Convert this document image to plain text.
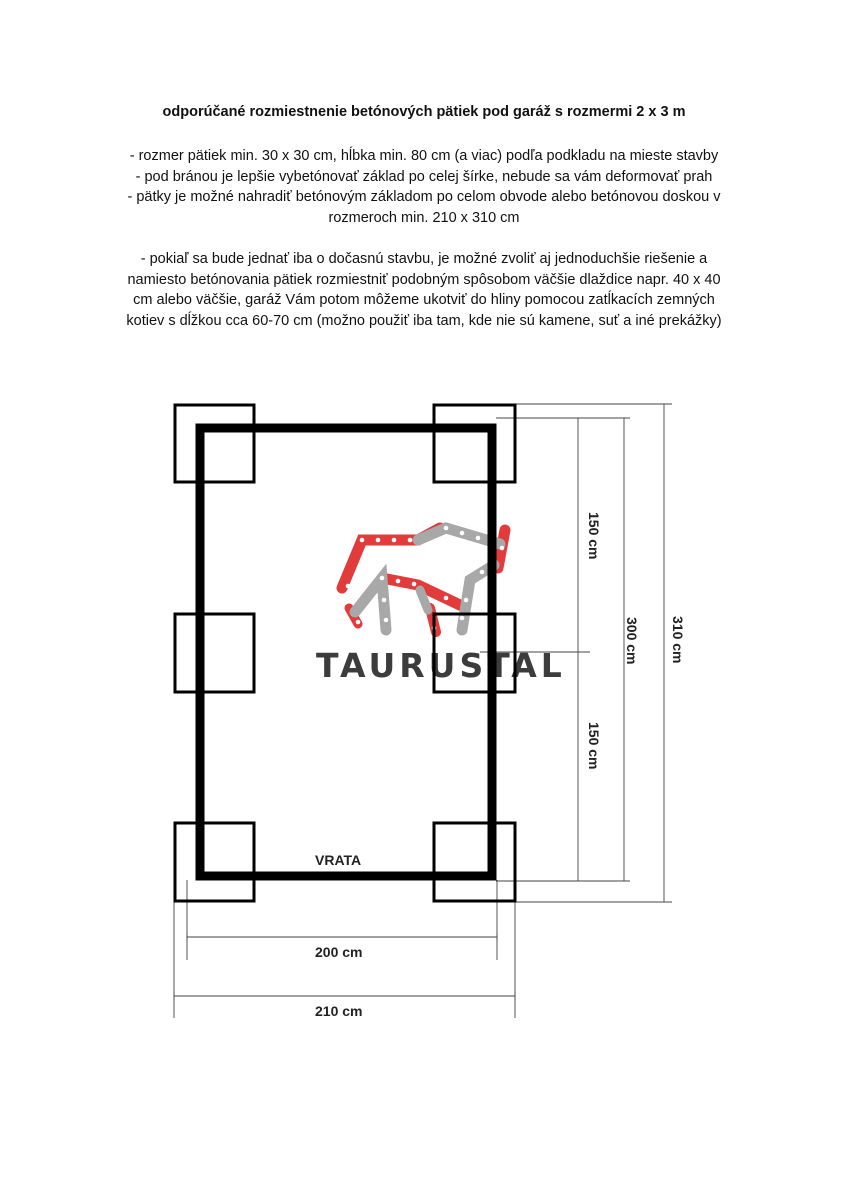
odporúčané rozmiestnenie betónových pätiek pod garáž s rozmermi 2 x 3 m
- rozmer pätiek min. 30 x 30 cm, hĺbka min. 80 cm (a viac) podľa podkladu na mieste stavby
- pod bránou je lepšie vybetónovať základ po celej šírke, nebude sa vám deformovať prah
- pätky je možné nahradiť betónovým základom po celom obvode alebo betónovou doskou v
rozmeroch min. 210 x 310 cm
- pokiaľ sa bude jednať iba o dočasnú stavbu, je možné zvoliť aj jednoduchšie riešenie a
namiesto betónovania pätiek rozmiestniť podobným spôsobom väčšie dlaždice napr. 40 x 40
cm alebo väčšie, garáž Vám potom môžeme ukotviť do hliny pomocou zatĺkacích zemných
kotiev s dĺžkou cca 60-70 cm (možno použiť iba tam, kde nie sú kamene, suť a iné prekážky)
TAURUSTAL
VRATA
200 cm
210 cm
150 cm
150 cm
300 cm 310 cm
